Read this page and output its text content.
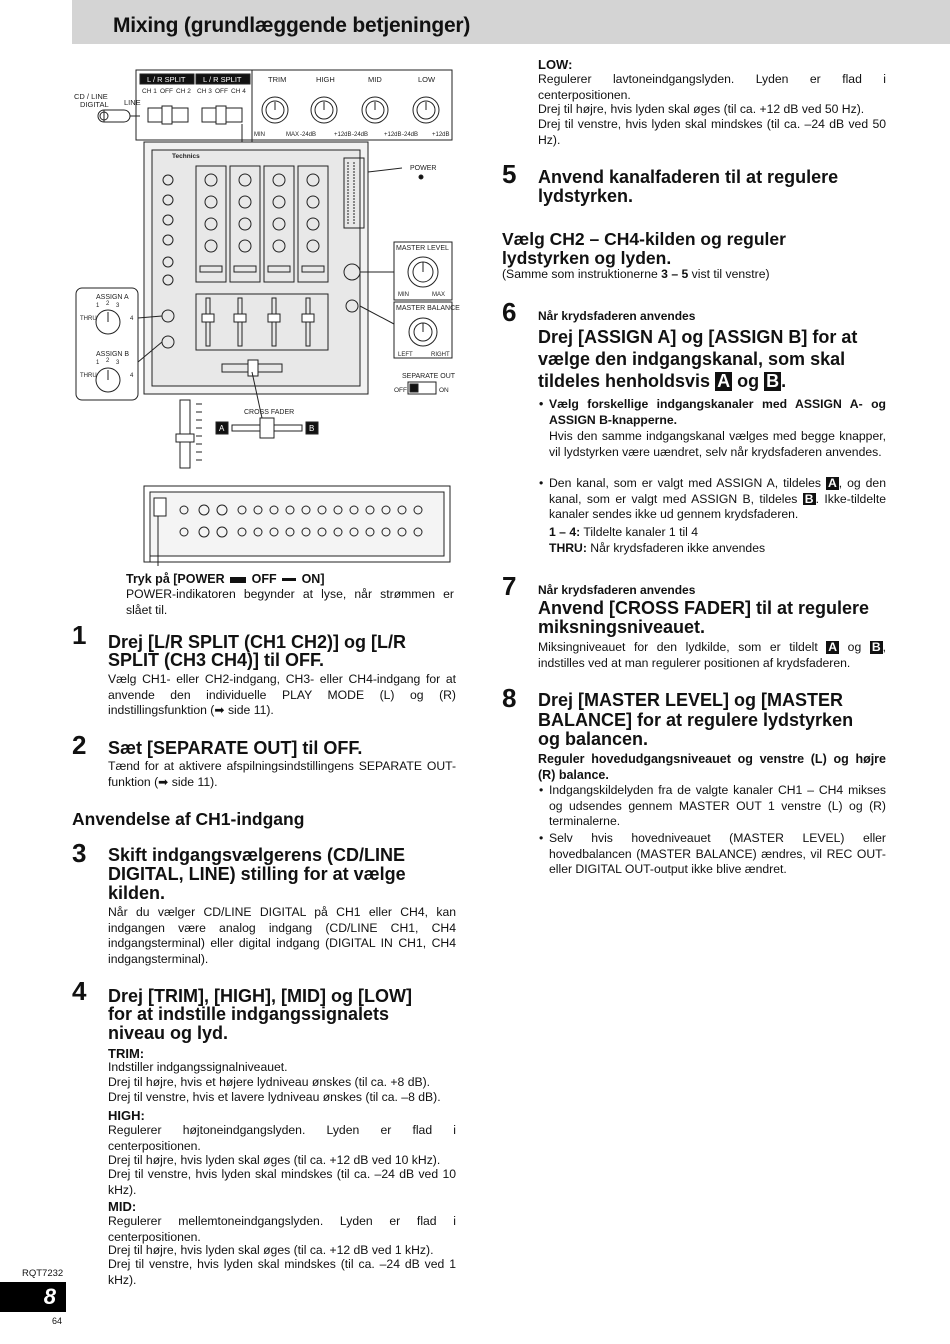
Mixing (grundlæggende betjeninger)
CD / LINE
DIGITAL LINE
L / R SPLIT L / R SPLIT
CH 1 OFF CH 2 CH 3 OFF CH 4
TRIM	HIGH	MID	LOW
MIN	MAX -24dB	+12dB -24dB	+12dB -24dB +12dB
Technics
POWER
MASTER LEVEL
MIN	MAX
MASTER BALANCE
LEFT	RIGHT
SEPARATE OUT
OFF	ON
ASSIGN A
THRU
1 2 3
4
ASSIGN B
THRU
1 2 3
4
CROSS FADER
A	B
Tryk på [POWER OFF ON]
POWER-indikatoren begynder at lyse, når strømmen er slået til.
1 Drej [L/R SPLIT (CH1 CH2)] og [L/R
SPLIT (CH3 CH4)] til OFF.
Vælg CH1- eller CH2-indgang, CH3- eller CH4-indgang for at anvende den individuelle PLAY MODE (L) og (R) indstillingsfunktion (➡ side 11).
2 Sæt [SEPARATE OUT] til OFF.
Tænd for at aktivere afspilningsindstillingens SEPARATE OUT-funktion (➡ side 11).
Anvendelse af CH1-indgang
3 Skift indgangsvælgerens (CD/LINE
DIGITAL, LINE) stilling for at vælge
kilden.
Når du vælger CD/LINE DIGITAL på CH1 eller CH4, kan indgangen være analog indgang (CD/LINE CH1, CH4 indgangsterminal) eller digital indgang (DIGITAL IN CH1, CH4 indgangsterminal).
4 Drej [TRIM], [HIGH], [MID] og [LOW]
for at indstille indgangssignalets
niveau og lyd.
TRIM:
Indstiller indgangssignalniveauet.
Drej til højre, hvis et højere lydniveau ønskes (til ca. +8 dB).
Drej til venstre, hvis et lavere lydniveau ønskes (til ca. –8 dB).
HIGH:
Regulerer højtoneindgangslyden. Lyden er flad i centerpositionen.
Drej til højre, hvis lyden skal øges (til ca. +12 dB ved 10 kHz).
Drej til venstre, hvis lyden skal mindskes (til ca. –24 dB ved 10 kHz).
MID:
Regulerer mellemtoneindgangslyden. Lyden er flad i centerpositionen.
Drej til højre, hvis lyden skal øges (til ca. +12 dB ved 1 kHz).
Drej til venstre, hvis lyden skal mindskes (til ca. –24 dB ved 1 kHz).
LOW:
Regulerer lavtoneindgangslyden. Lyden er flad i centerpositionen.
Drej til højre, hvis lyden skal øges (til ca. +12 dB ved 50 Hz).
Drej til venstre, hvis lyden skal mindskes (til ca. –24 dB ved 50 Hz).
5 Anvend kanalfaderen til at regulere
lydstyrken.
Vælg CH2 – CH4-kilden og reguler
lydstyrken og lyden.
(Samme som instruktionerne 3 – 5 vist til venstre)
6 Når krydsfaderen anvendes
Drej [ASSIGN A] og [ASSIGN B] for at
vælge den indgangskanal, som skal
tildeles henholdsvis A og B .
• Vælg forskellige indgangskanaler med ASSIGN A- og ASSIGN B-knapperne.
Hvis den samme indgangskanal vælges med begge knapper, vil lydstyrken være uændret, selv når krydsfaderen anvendes.
• Den kanal, som er valgt med ASSIGN A, tildeles A , og den kanal, som er valgt med ASSIGN B, tildeles B . Ikke-tildelte kanaler sendes ikke ud gennem krydsfaderen.
1 – 4: Tildelte kanaler 1 til 4
THRU: Når krydsfaderen ikke anvendes
7 Når krydsfaderen anvendes
Anvend [CROSS FADER] til at regulere
miksningsniveauet.
Miksingniveauet for den lydkilde, som er tildelt A og B , indstilles ved at man regulerer positionen af krydsfaderen.
8 Drej [MASTER LEVEL] og [MASTER
BALANCE] for at regulere lydstyrken
og balancen.
Reguler hovedudgangsniveauet og venstre (L) og højre (R) balance.
• Indgangskildelyden fra de valgte kanaler CH1 – CH4 mikses og udsendes gennem MASTER OUT 1 venstre (L) og (R) terminalerne.
• Selv hvis hovedniveauet (MASTER LEVEL) eller hovedbalancen (MASTER BALANCE) ændres, vil REC OUT- eller DIGITAL OUT-output ikke blive ændret.
RQT7232
8
64
